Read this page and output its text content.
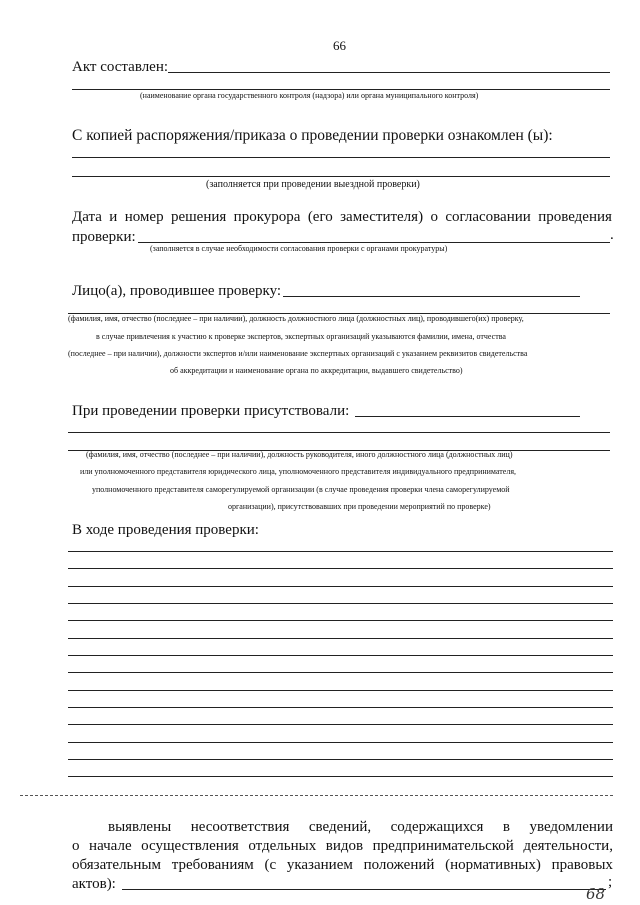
66
Акт составлен:
(наименование органа государственного контроля (надзора) или органа муниципального контроля)
С копией распоряжения/приказа о проведении проверки ознакомлен (ы):
(заполняется при проведении выездной проверки)
Дата и номер решения прокурора (его заместителя) о согласовании проведения
проверки:	.
(заполняется в случае необходимости согласования проверки с органами прокуратуры)
Лицо(а), проводившее проверку:
(фамилия, имя, отчество (последнее – при наличии), должность должностного лица (должностных лиц), проводившего(их) проверку,
в случае привлечения к участию к проверке экспертов, экспертных организаций указываются фамилии, имена, отчества
(последнее – при наличии), должности экспертов и/или наименование экспертных организаций с указанием реквизитов свидетельства
об аккредитации и наименование органа по аккредитации, выдавшего свидетельство)
При проведении проверки присутствовали:
(фамилия, имя, отчество (последнее – при наличии), должность руководителя, иного должностного лица (должностных лиц)
или уполномоченного представителя юридического лица, уполномоченного представителя индивидуального предпринимателя,
уполномоченного представителя саморегулируемой организации (в случае проведения проверки члена саморегулируемой
организации), присутствовавших при проведении мероприятий по проверке)
В ходе проведения проверки:
выявлены несоответствия сведений, содержащихся в уведомлении
о начале осуществления отдельных видов предпринимательской деятельности,
обязательным требованиям (с указанием положений (нормативных) правовых
актов):	;
68
